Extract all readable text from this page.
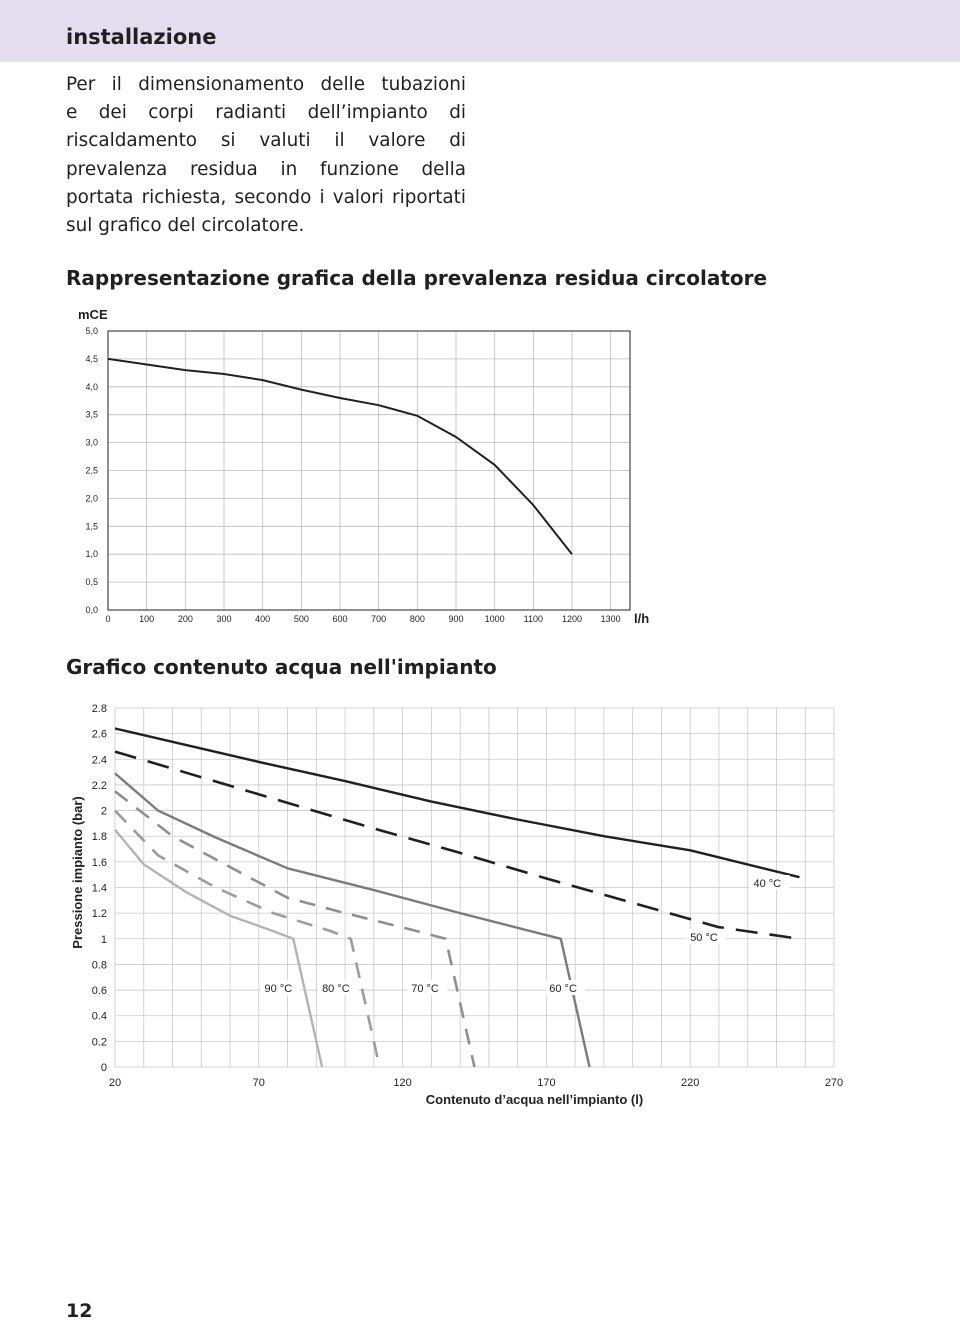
installazione
Per il dimensionamento delle tubazioni
e dei corpi radianti dell’impianto di
riscaldamento si valuti il valore di
prevalenza residua in funzione della
portata richiesta, secondo i valori riportati
sul grafico del circolatore.
Rappresentazione grafica della prevalenza residua circolatore
0,0
0,5
1,0
1,5
2,0
2,5
3,0
3,5
4,0
4,5
5,0
0	100	200	300	400	500	600	700	800	900 1000 1100 1200 1300
mCE
l/h
Grafico contenuto acqua nell'impianto
0
0.2
0.4
0.6
0.8
1
1.2
1.4
1.6
1.8
2
2.2
2.4
2.6
2.8
20	70	120	170	220	270
Contenuto d’acqua nell’impianto (l)
Pressione impianto (bar)	40 °C
50 °C
60 °C
70 °C
80 °C
90 °C
12
